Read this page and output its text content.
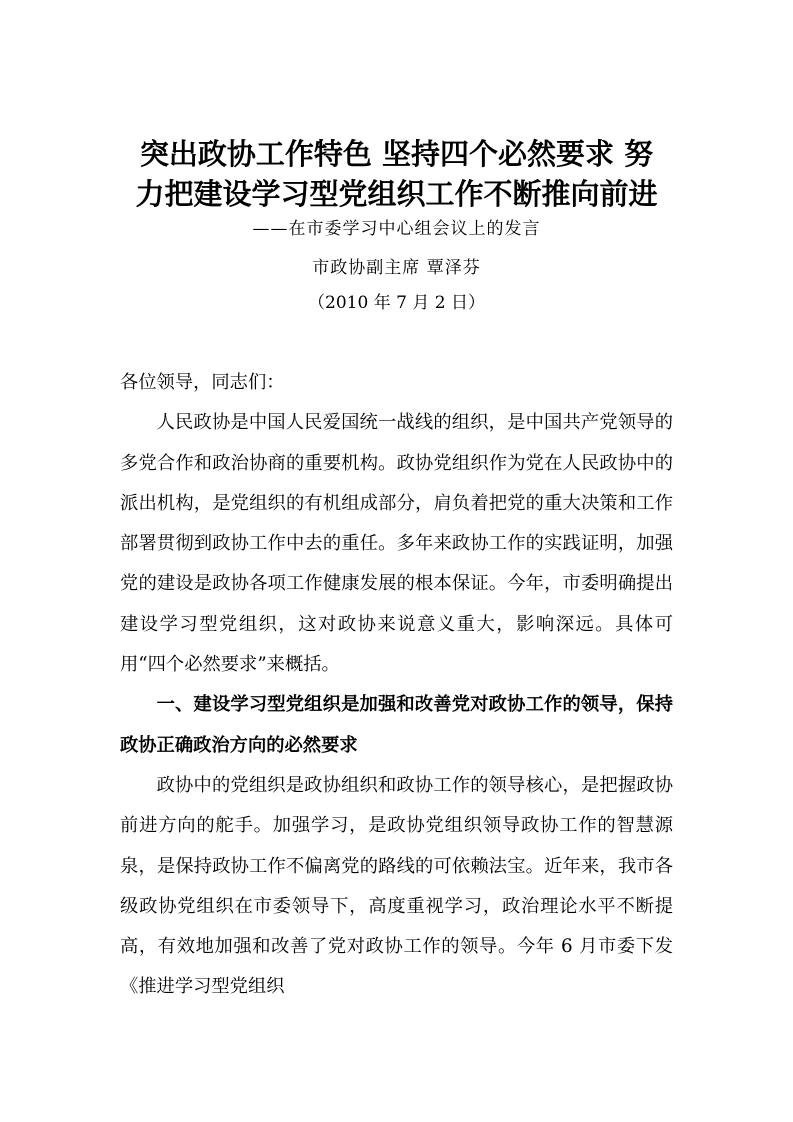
突出政协工作特色 坚持四个必然要求 努
力把建设学习型党组织工作不断推向前进
——在市委学习中心组会议上的发言
市政协副主席 覃泽芬
（2010 年 7 月 2 日）

各位领导，同志们：

人民政协是中国人民爱国统一战线的组织，是中国共产党领导的多党合作和政治协商的重要机构。政协党组织作为党在人民政协中的派出机构，是党组织的有机组成部分，肩负着把党的重大决策和工作部署贯彻到政协工作中去的重任。多年来政协工作的实践证明，加强党的建设是政协各项工作健康发展的根本保证。今年，市委明确提出建设学习型党组织，这对政协来说意义重大，影响深远。具体可用“四个必然要求”来概括。

一、建设学习型党组织是加强和改善党对政协工作的领导，保持政协正确政治方向的必然要求

政协中的党组织是政协组织和政协工作的领导核心，是把握政协前进方向的舵手。加强学习，是政协党组织领导政协工作的智慧源泉，是保持政协工作不偏离党的路线的可依赖法宝。近年来，我市各级政协党组织在市委领导下，高度重视学习，政治理论水平不断提高，有效地加强和改善了党对政协工作的领导。今年 6 月市委下发《推进学习型党组织
